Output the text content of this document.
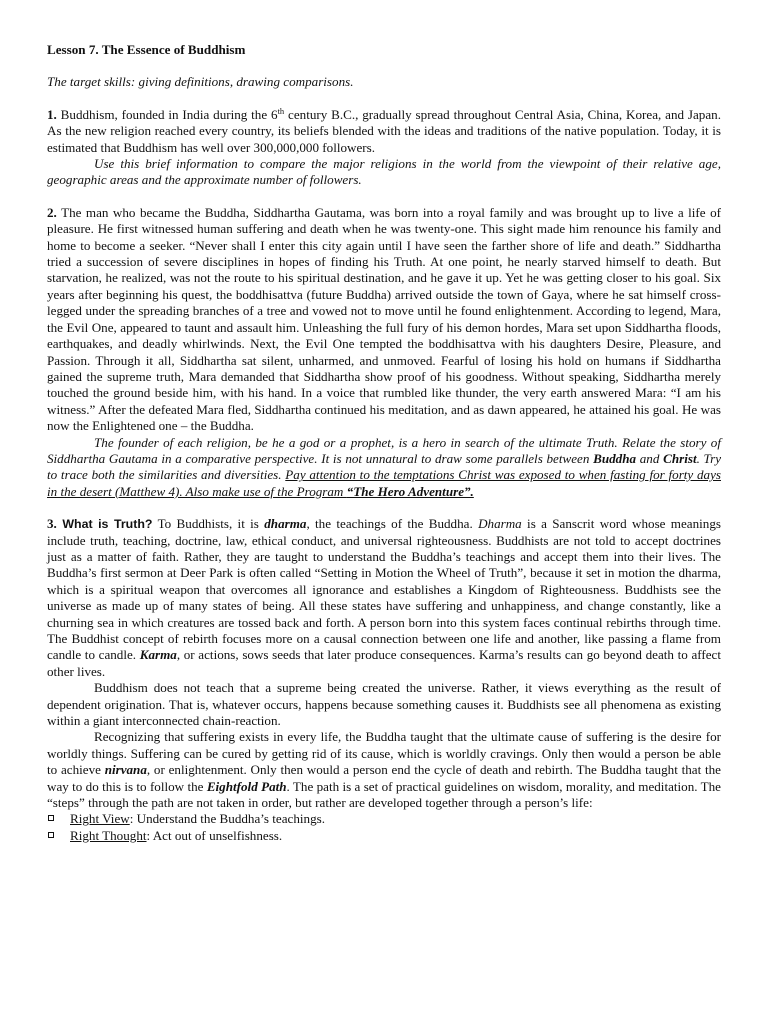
Lesson 7. The Essence of Buddhism

The target skills: giving definitions, drawing comparisons.

1. Buddhism, founded in India during the 6th century B.C., gradually spread throughout Central Asia, China, Korea, and Japan. As the new religion reached every country, its beliefs blended with the ideas and traditions of the native population. Today, it is estimated that Buddhism has well over 300,000,000 followers.

Use this brief information to compare the major religions in the world from the viewpoint of their relative age, geographic areas and the approximate number of followers.

2. The man who became the Buddha, Siddhartha Gautama, was born into a royal family and was brought up to live a life of pleasure. He first witnessed human suffering and death when he was twenty-one. This sight made him renounce his family and home to become a seeker. “Never shall I enter this city again until I have seen the farther shore of life and death.” Siddhartha tried a succession of severe disciplines in hopes of finding his Truth. At one point, he nearly starved himself to death. But starvation, he realized, was not the route to his spiritual destination, and he gave it up. Yet he was getting closer to his goal. Six years after beginning his quest, the boddhisattva (future Buddha) arrived outside the town of Gaya, where he sat himself cross-legged under the spreading branches of a tree and vowed not to move until he found enlightenment. According to legend, Mara, the Evil One, appeared to taunt and assault him. Unleashing the full fury of his demon hordes, Mara set upon Siddhartha floods, earthquakes, and deadly whirlwinds. Next, the Evil One tempted the boddhisattva with his daughters Desire, Pleasure, and Passion. Through it all, Siddhartha sat silent, unharmed, and unmoved. Fearful of losing his hold on humans if Siddhartha gained the supreme truth, Mara demanded that Siddhartha show proof of his goodness. Without speaking, Siddhartha merely touched the ground beside him, with his hand. In a voice that rumbled like thunder, the very earth answered Mara: “I am his witness.” After the defeated Mara fled, Siddhartha continued his meditation, and as dawn appeared, he attained his goal. He was now the Enlightened one – the Buddha.

The founder of each religion, be he a god or a prophet, is a hero in search of the ultimate Truth. Relate the story of Siddhartha Gautama in a comparative perspective. It is not unnatural to draw some parallels between Buddha and Christ. Try to trace both the similarities and diversities. Pay attention to the temptations Christ was exposed to when fasting for forty days in the desert (Matthew 4). Also make use of the Program “The Hero Adventure”.

3. What is Truth? To Buddhists, it is dharma, the teachings of the Buddha. Dharma is a Sanscrit word whose meanings include truth, teaching, doctrine, law, ethical conduct, and universal righteousness. Buddhists are not told to accept doctrines just as a matter of faith. Rather, they are taught to understand the Buddha’s teachings and accept them into their lives. The Buddha’s first sermon at Deer Park is often called “Setting in Motion the Wheel of Truth”, because it set in motion the dharma, which is a spiritual weapon that overcomes all ignorance and establishes a Kingdom of Righteousness. Buddhists see the universe as made up of many states of being. All these states have suffering and unhappiness, and change constantly, like a churning sea in which creatures are tossed back and forth. A person born into this system faces continual rebirths through time. The Buddhist concept of rebirth focuses more on a causal connection between one life and another, like passing a flame from candle to candle. Karma, or actions, sows seeds that later produce consequences. Karma’s results can go beyond death to affect other lives.

Buddhism does not teach that a supreme being created the universe. Rather, it views everything as the result of dependent origination. That is, whatever occurs, happens because something causes it. Buddhists see all phenomena as existing within a giant interconnected chain-reaction.

Recognizing that suffering exists in every life, the Buddha taught that the ultimate cause of suffering is the desire for worldly things. Suffering can be cured by getting rid of its cause, which is worldly cravings. Only then would a person be able to achieve nirvana, or enlightenment. Only then would a person end the cycle of death and rebirth. The Buddha taught that the way to do this is to follow the Eightfold Path. The path is a set of practical guidelines on wisdom, morality, and meditation. The “steps” through the path are not taken in order, but rather are developed together through a person’s life:

Right View: Understand the Buddha’s teachings.
Right Thought: Act out of unselfishness.
